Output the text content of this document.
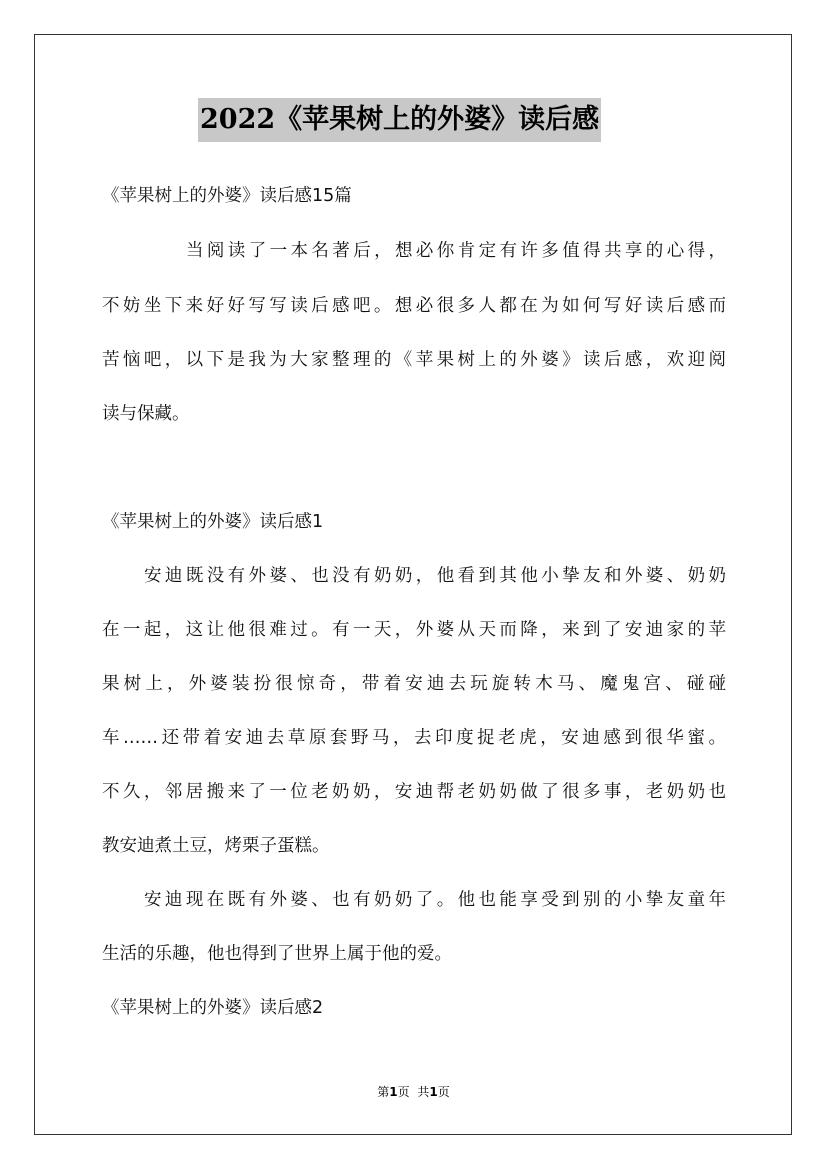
2022《苹果树上的外婆》读后感
《苹果树上的外婆》读后感15篇
当阅读了一本名著后，想必你肯定有许多值得共享的心得，
不妨坐下来好好写写读后感吧。想必很多人都在为如何写好读后感而
苦恼吧，以下是我为大家整理的《苹果树上的外婆》读后感，欢迎阅
读与保藏。
《苹果树上的外婆》读后感1
安迪既没有外婆、也没有奶奶，他看到其他小挚友和外婆、奶奶
在一起，这让他很难过。有一天，外婆从天而降，来到了安迪家的苹
果树上，外婆装扮很惊奇，带着安迪去玩旋转木马、魔鬼宫、碰碰
车……还带着安迪去草原套野马，去印度捉老虎，安迪感到很华蜜。
不久，邻居搬来了一位老奶奶，安迪帮老奶奶做了很多事，老奶奶也
教安迪煮土豆，烤栗子蛋糕。
安迪现在既有外婆、也有奶奶了。他也能享受到别的小挚友童年
生活的乐趣，他也得到了世界上属于他的爱。
《苹果树上的外婆》读后感2
第1页 共1页
